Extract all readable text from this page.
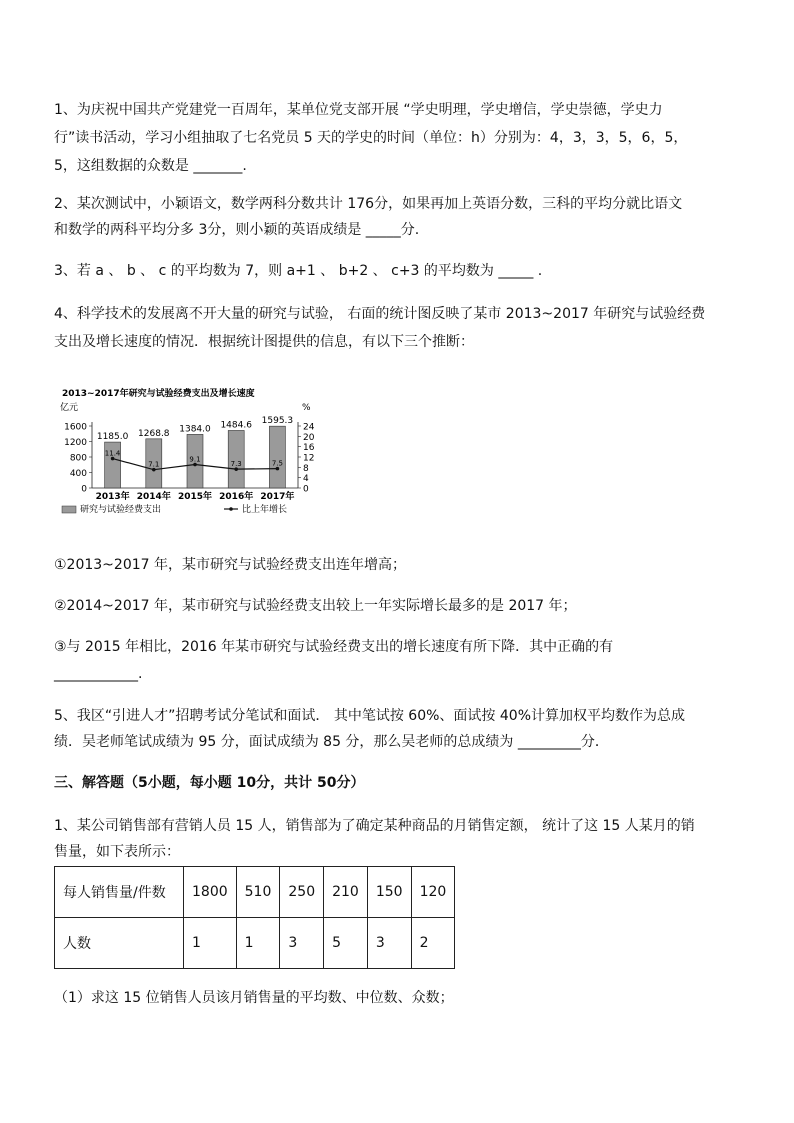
1、为庆祝中国共产党建党一百周年，某单位党支部开展 “学史明理，学史增信，学史崇德，学史力
行”读书活动，学习小组抽取了七名党员 5 天的学史的时间（单位：h）分别为：4，3，3，5，6，5，
5，这组数据的众数是 _______.
2、某次测试中，小颖语文，数学两科分数共计 176分，如果再加上英语分数，三科的平均分就比语文
和数学的两科平均分多 3分，则小颖的英语成绩是 _____分.
3、若 a 、 b 、 c 的平均数为 7，则 a+1 、 b+2 、 c+3 的平均数为 _____ .
4、科学技术的发展离不开大量的研究与试验， 右面的统计图反映了某市 2013~2017 年研究与试验经费
支出及增长速度的情况．根据统计图提供的信息，有以下三个推断：
2013~2017年研究与试验经费支出及增长速度
亿元	%
0
400
800
1200
1600
0
4
8
12
16
20
24
1185.0
2013年
1268.8
2014年
1384.0
2015年
1484.6
2016年
1595.3
2017年
11.4
7.1
9.1
7.3	7.5
研究与试验经费支出	比上年增长
①2013~2017 年，某市研究与试验经费支出连年增高；
②2014~2017 年，某市研究与试验经费支出较上一年实际增长最多的是 2017 年；
③与 2015 年相比，2016 年某市研究与试验经费支出的增长速度有所下降．其中正确的有
____________.
5、我区“引进人才”招聘考试分笔试和面试． 其中笔试按 60%、面试按 40%计算加权平均数作为总成
绩．吴老师笔试成绩为 95 分，面试成绩为 85 分，那么吴老师的总成绩为 _________分．
三、解答题（5小题，每小题 10分，共计 50分）
1、某公司销售部有营销人员 15 人，销售部为了确定某种商品的月销售定额， 统计了这 15 人某月的销
售量，如下表所示：
每人销售量/件数	1800	510	250	210	150	120
人数	1	1	3	5	3	2
（1）求这 15 位销售人员该月销售量的平均数、中位数、众数；
